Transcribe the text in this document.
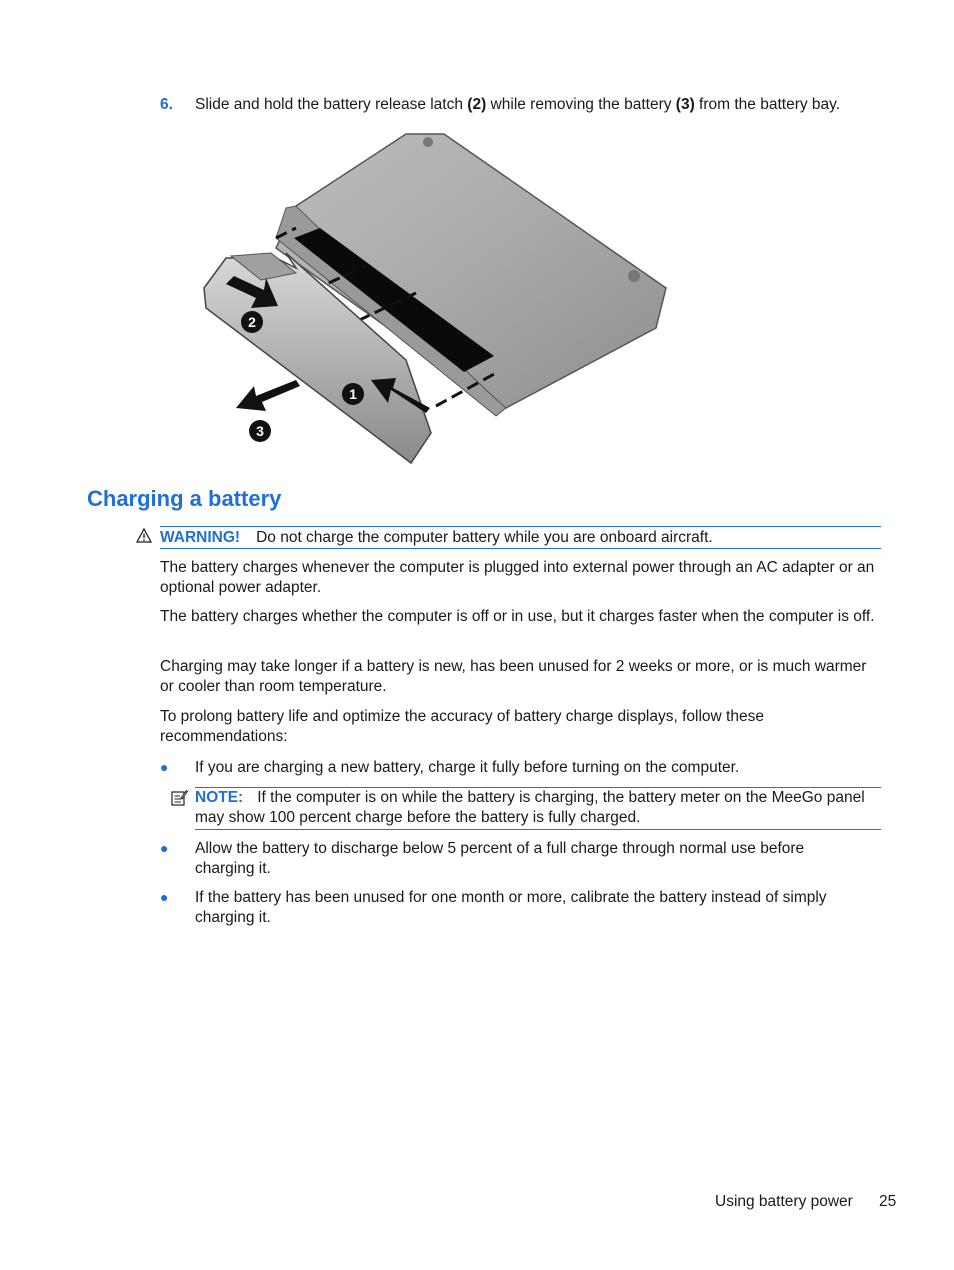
6. Slide and hold the battery release latch (2) while removing the battery (3) from the battery bay.
1
2
3
Charging a battery
WARNING! Do not charge the computer battery while you are onboard aircraft.

The battery charges whenever the computer is plugged into external power through an AC adapter or an optional power adapter.

The battery charges whether the computer is off or in use, but it charges faster when the computer is off.

Charging may take longer if a battery is new, has been unused for 2 weeks or more, or is much warmer or cooler than room temperature.

To prolong battery life and optimize the accuracy of battery charge displays, follow these recommendations:

● If you are charging a new battery, charge it fully before turning on the computer.
NOTE: If the computer is on while the battery is charging, the battery meter on the MeeGo panel may show 100 percent charge before the battery is fully charged.
● Allow the battery to discharge below 5 percent of a full charge through normal use before charging it.
● If the battery has been unused for one month or more, calibrate the battery instead of simply charging it.
Using battery power 25
